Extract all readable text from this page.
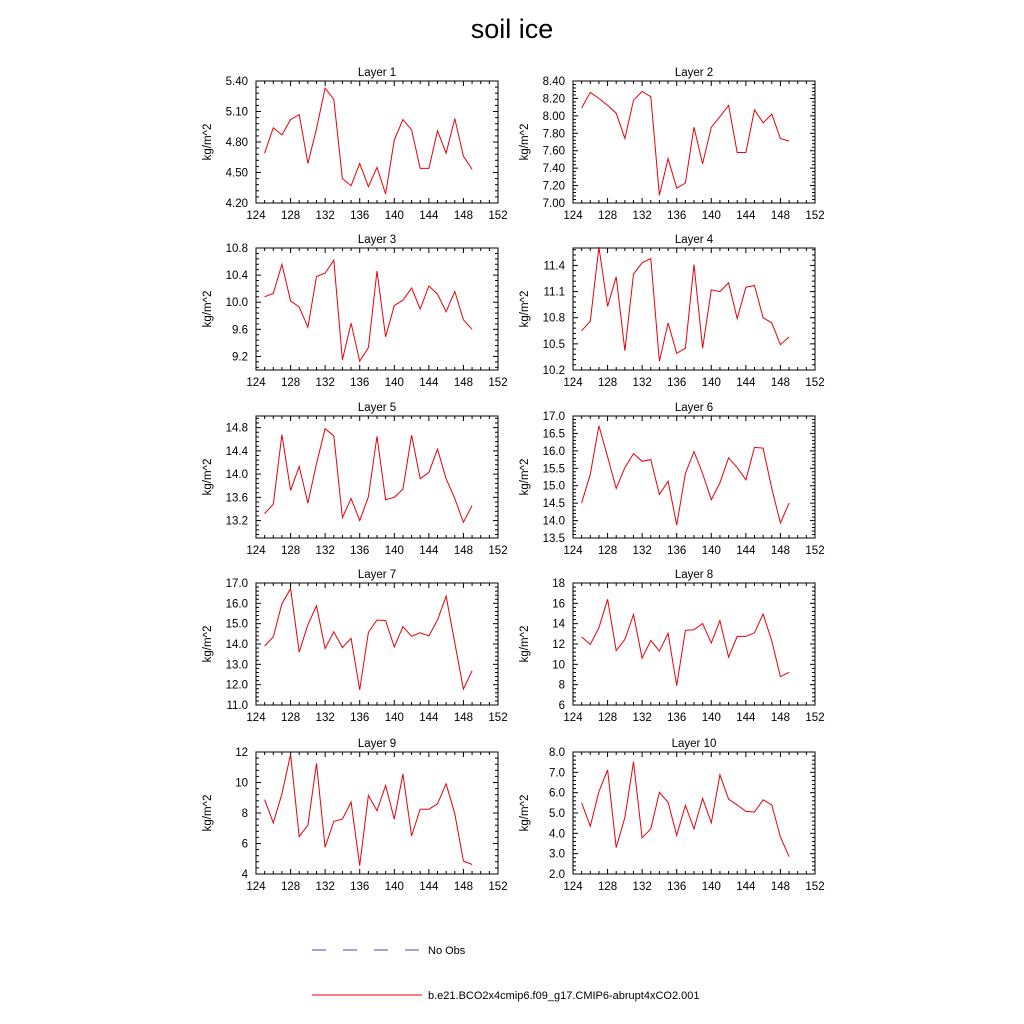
soil ice
Layer 1
kg/m^2
124 128 132 136 140 144 148 152
4.20
4.50
4.80
5.10
5.40
Layer 2
kg/m^2
124 128 132 136 140 144 148 152
7.00
7.20
7.40
7.60
7.80
8.00
8.20
8.40
Layer 3
kg/m^2
124 128 132 136 140 144 148 152
9.2
9.6
10.0
10.4
10.8
Layer 4
kg/m^2
124 128 132 136 140 144 148 152
10.2
10.5
10.8
11.1
11.4
Layer 5
kg/m^2
124 128 132 136 140 144 148 152
13.2
13.6
14.0
14.4
14.8
Layer 6
kg/m^2
124 128 132 136 140 144 148 152
13.5
14.0
14.5
15.0
15.5
16.0
16.5
17.0
Layer 7
kg/m^2
124 128 132 136 140 144 148 152
11.0
12.0
13.0
14.0
15.0
16.0
17.0
Layer 8
kg/m^2
124 128 132 136 140 144 148 152
6
8
10
12
14
16
18
Layer 9
kg/m^2
124 128 132 136 140 144 148 152
4
6
8
10
12
Layer 10
kg/m^2
124 128 132 136 140 144 148 152
2.0
3.0
4.0
5.0
6.0
7.0
8.0
No Obs
b.e21.BCO2x4cmip6.f09_g17.CMIP6-abrupt4xCO2.001
